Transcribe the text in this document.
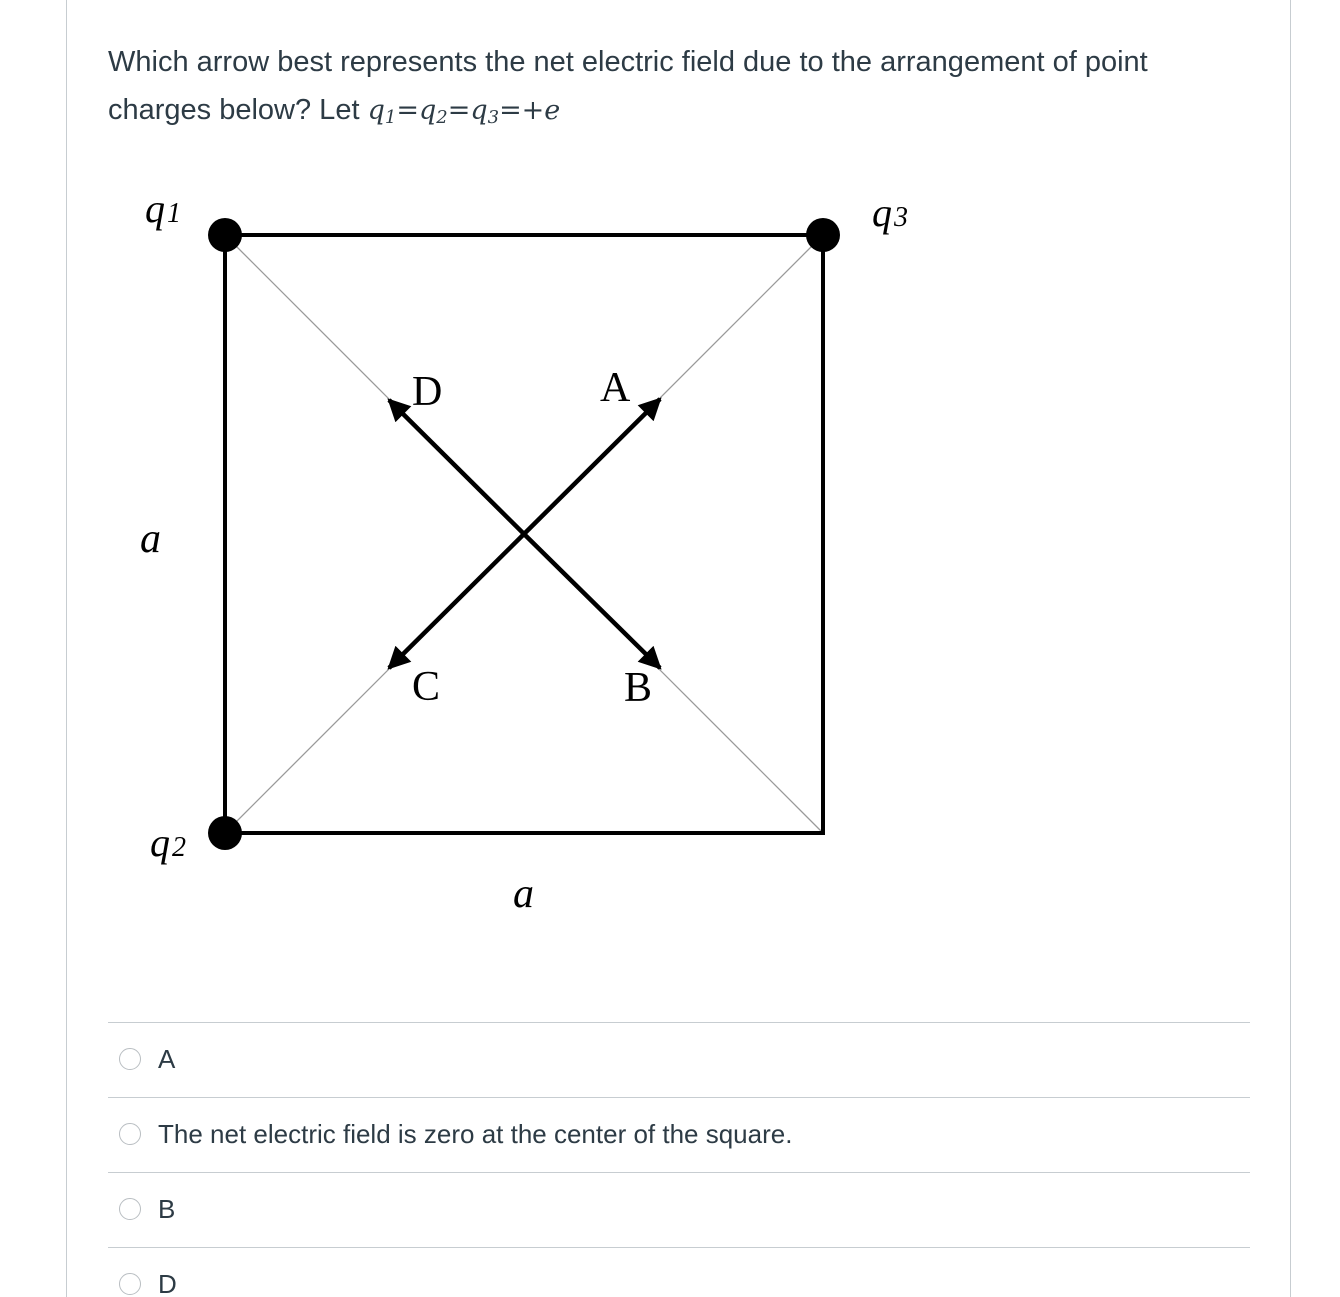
Which arrow best represents the net electric field due to the arrangement of point charges below? Let $q_1=q_2=q_3=+e$
q1	q3
q2
a
a
D	A
C	B
A
The net electric field is zero at the center of the square.
B
D
